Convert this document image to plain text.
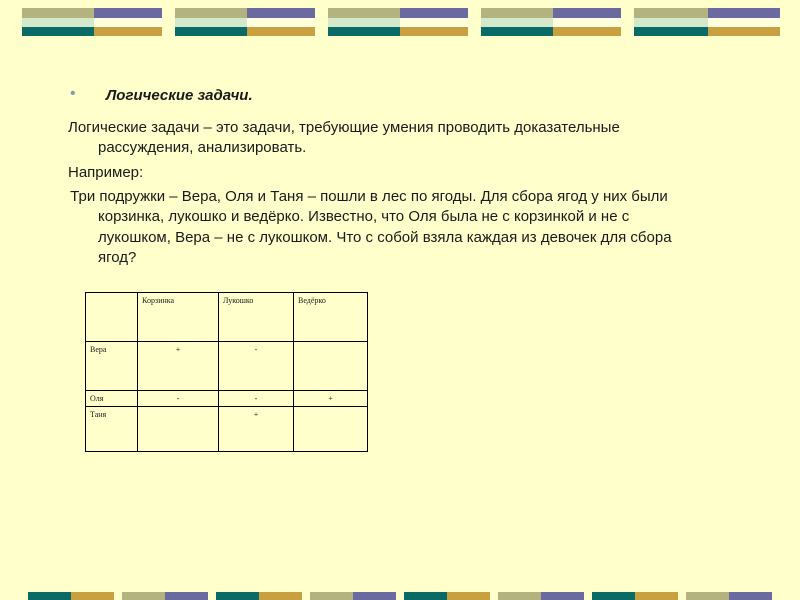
• Логические задачи.
Логические задачи – это задачи, требующие умения проводить доказательные
рассуждения, анализировать.
Например:
Три подружки – Вера, Оля и Таня – пошли в лес по ягоды. Для сбора ягод у них были
корзинка, лукошко и ведёрко. Известно, что Оля была не с корзинкой и не с
лукошком, Вера – не с лукошком. Что с собой взяла каждая из девочек для сбора
ягод?
	Корзинка	Лукошко	Ведёрко
Вера	+	-	
Оля	-	-	+
Таня		+	
